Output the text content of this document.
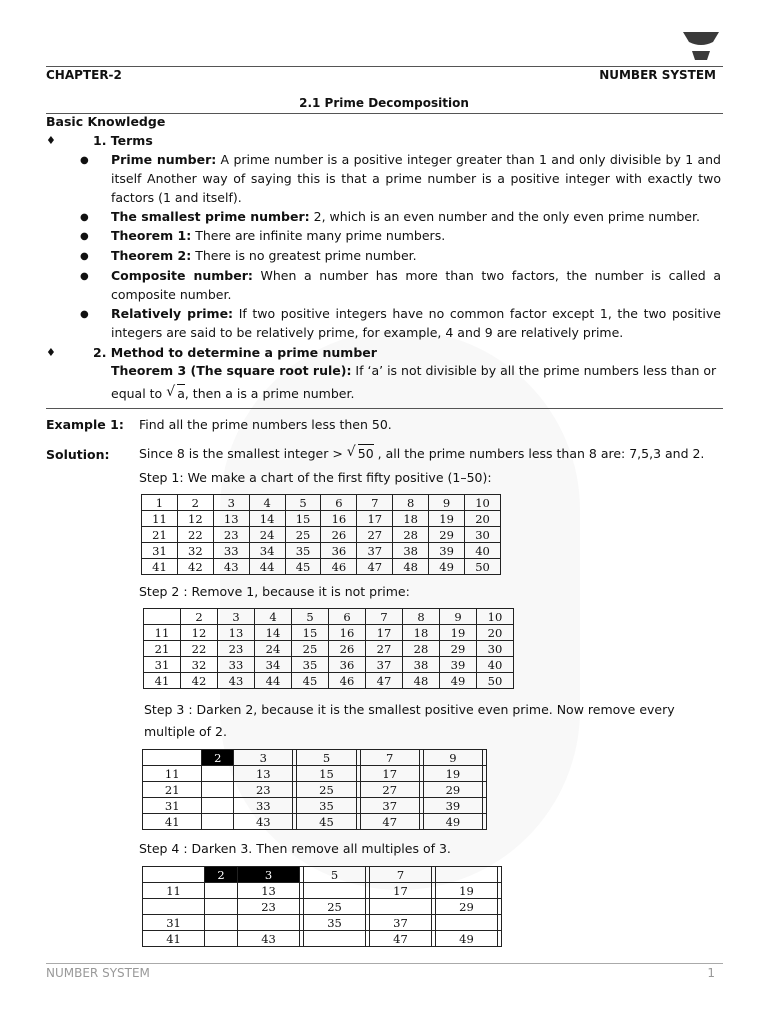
CHAPTER-2	NUMBER SYSTEM
2.1 Prime Decomposition
Basic Knowledge
♦	1. Terms
● Prime number: A prime number is a positive integer greater than 1 and only divisible by 1 and itself Another way of saying this is that a prime number is a positive integer with exactly two factors (1 and itself).
● The smallest prime number: 2, which is an even number and the only even prime number.
● Theorem 1: There are infinite many prime numbers.
● Theorem 2: There is no greatest prime number.
● Composite number: When a number has more than two factors, the number is called a composite number.
● Relatively prime: If two positive integers have no common factor except 1, the two positive integers are said to be relatively prime, for example, 4 and 9 are relatively prime.
♦	2. Method to determine a prime number
Theorem 3 (The square root rule): If ‘a’ is not divisible by all the prime numbers less than or
equal to √ a, then a is a prime number.
Example 1: Find all the prime numbers less then 50.
Solution: Since 8 is the smallest integer > √ 50 , all the prime numbers less than 8 are: 7,5,3 and 2.
Step 1: We make a chart of the first fifty positive (1–50):
1	2	3	4	5	6	7	8	9	10
11	12	13	14	15	16	17	18	19	20
21	22	23	24	25	26	27	28	29	30
31	32	33	34	35	36	37	38	39	40
41	42	43	44	45	46	47	48	49	50
Step 2 : Remove 1, because it is not prime:
	2	3	4	5	6	7	8	9	10
11	12	13	14	15	16	17	18	19	20
21	22	23	24	25	26	27	28	29	30
31	32	33	34	35	36	37	38	39	40
41	42	43	44	45	46	47	48	49	50
Step 3 : Darken 2, because it is the smallest positive even prime. Now remove every multiple of 2.
	2	3		5		7		9	
11		13		15		17		19	
21		23		25		27		29	
31		33		35		37		39	
41		43		45		47		49	
Step 4 : Darken 3. Then remove all multiples of 3.
	2	3		5		7			
11		13				17		19	
		23		25				29	
31				35		37			
41		43				47		49	
NUMBER SYSTEM	1
